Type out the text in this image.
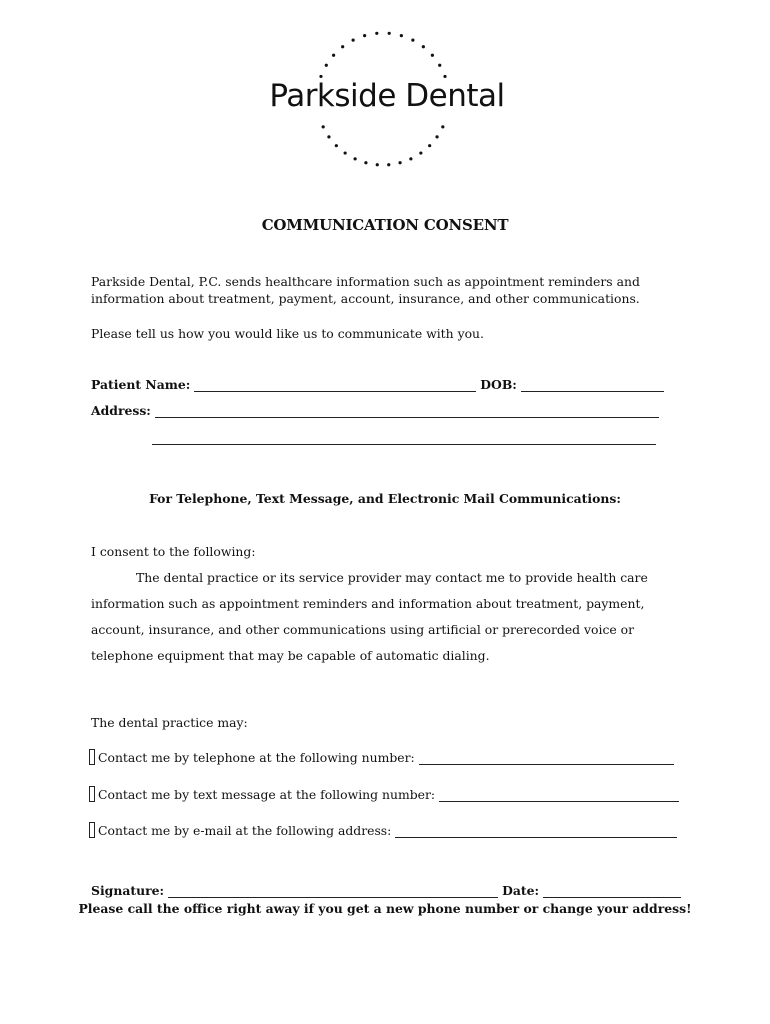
Parkside Dental
COMMUNICATION CONSENT
Parkside Dental, P.C. sends healthcare information such as appointment reminders and
information about treatment, payment, account, insurance, and other communications.
Please tell us how you would like us to communicate with you.
Patient Name:	DOB:
Address:
For Telephone, Text Message, and Electronic Mail Communications:
I consent to the following:
The dental practice or its service provider may contact me to provide health care
information such as appointment reminders and information about treatment, payment,
account, insurance, and other communications using artificial or prerecorded voice or
telephone equipment that may be capable of automatic dialing.
The dental practice may:
Contact me by telephone at the following number:
Contact me by text message at the following number:
Contact me by e-mail at the following address:
Signature:	Date:
Please call the office right away if you get a new phone number or change your address!
